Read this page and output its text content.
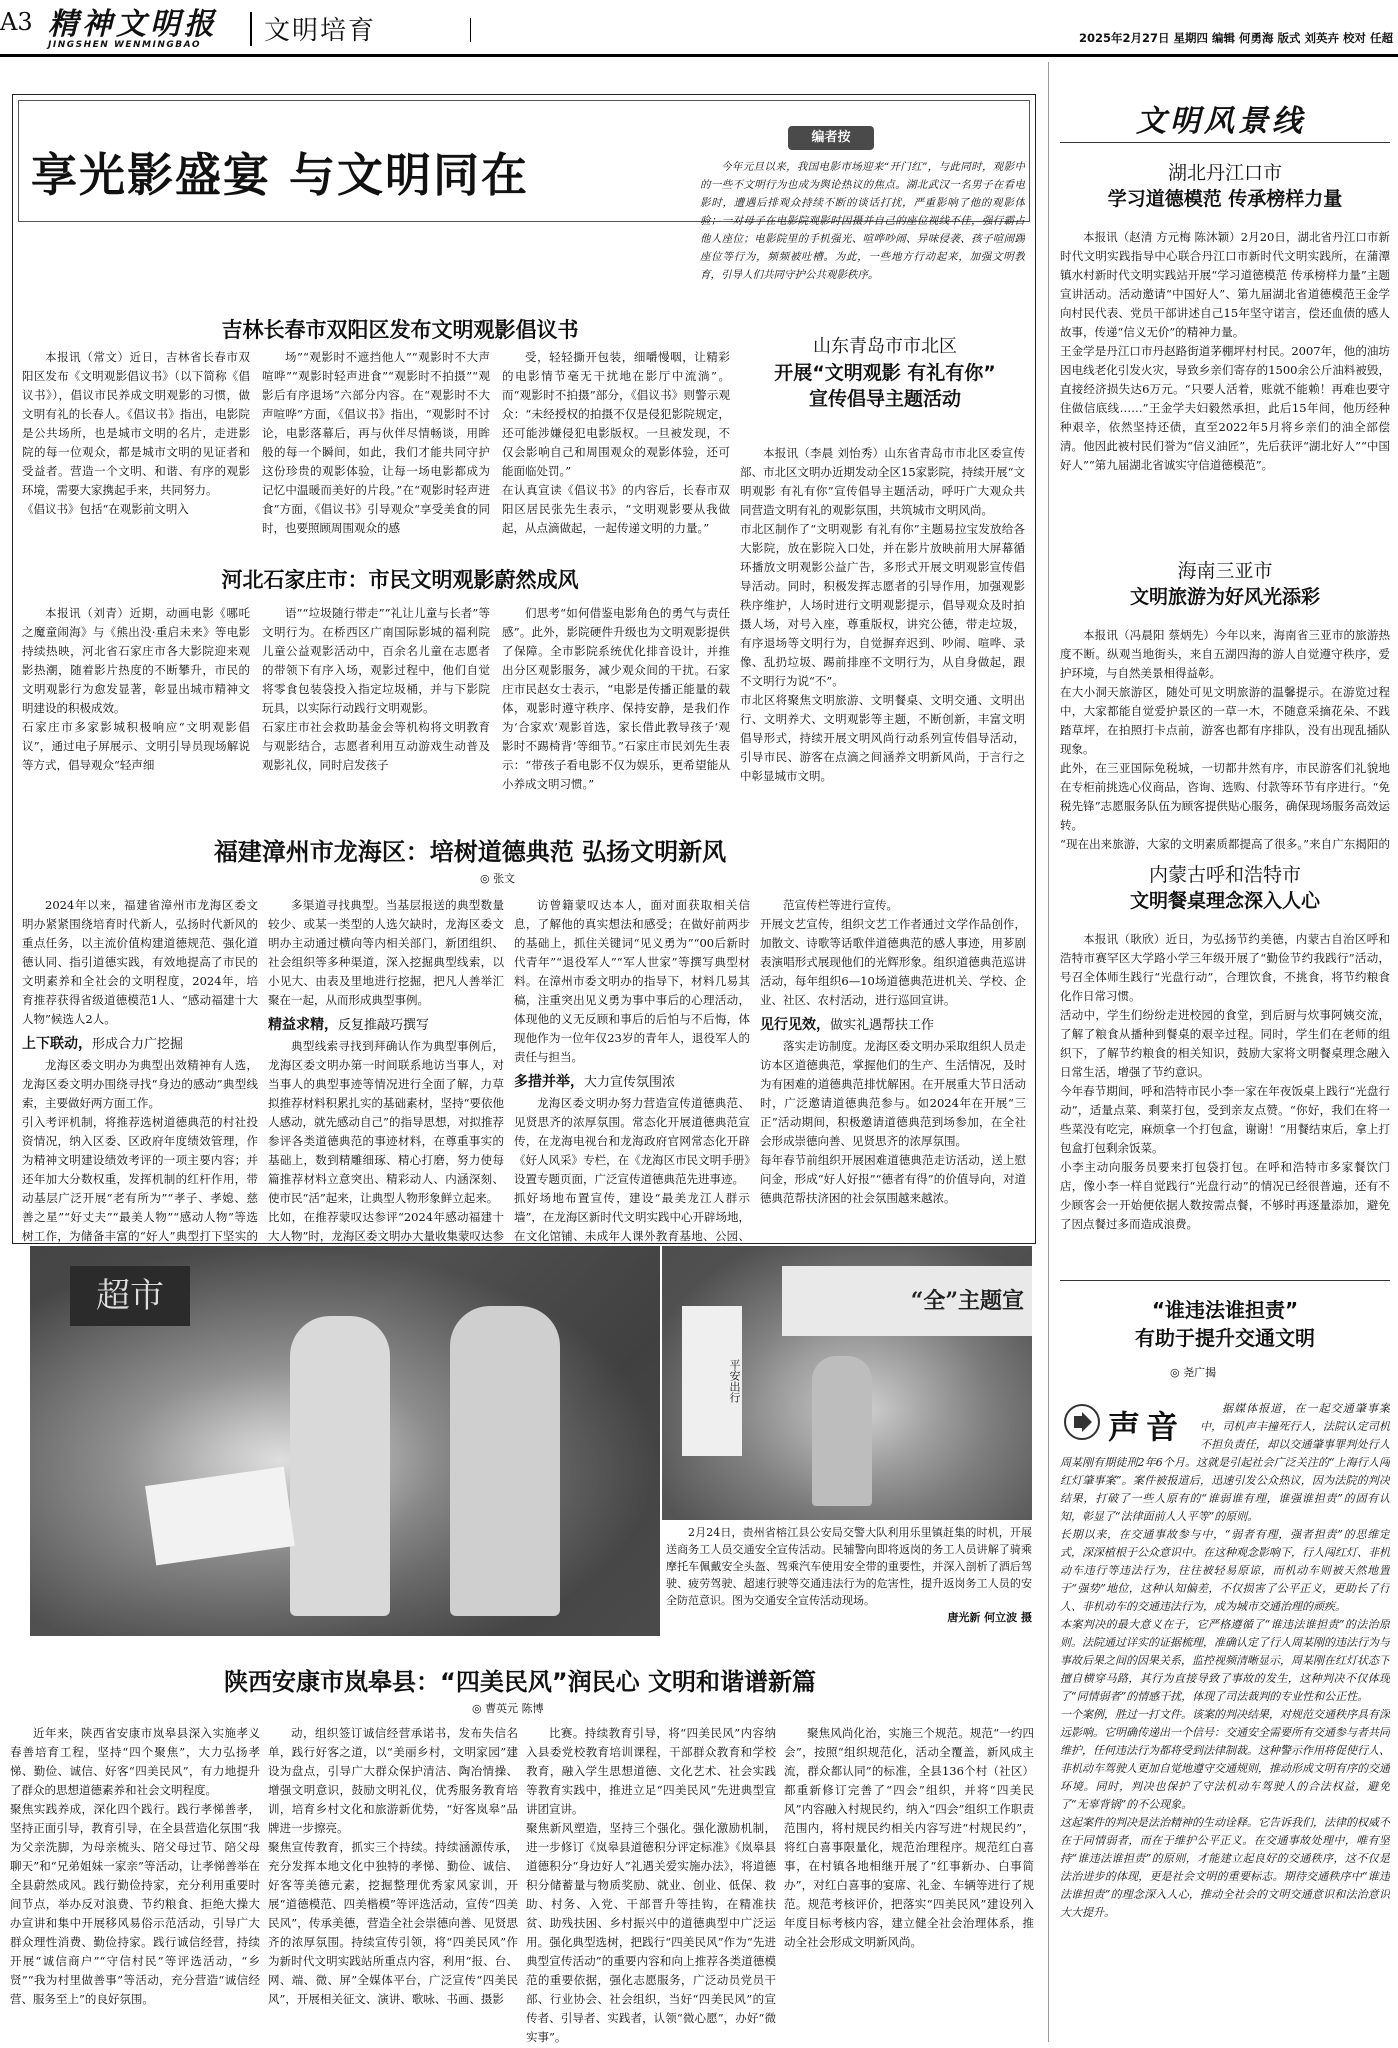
A3 精神文明报
JINGSHEN WENMINGBAO	文明培育	2025年2月27日 星期四 编辑 何勇海 版式 刘英卉 校对 任超
享光影盛宴 与文明同在
编者按

今年元旦以来，我国电影市场迎来“开门红”，与此同时，观影中的一些不文明行为也成为舆论热议的焦点。湖北武汉一名男子在看电影时，遭遇后排观众持续不断的谈话打扰，严重影响了他的观影体验；一对母子在电影院观影时因摄并自己的座位视线不佳，强行霸占他人座位；电影院里的手机强光、喧哗吵闹、异味侵袭、孩子喧闹踢座位等行为，频频被吐槽。为此，一些地方行动起来，加强文明教育，引导人们共同守护公共观影秩序。

吉林长春市双阳区发布文明观影倡议书

本报讯（常文）近日，吉林省长春市双阳区发布《文明观影倡议书》（以下简称《倡议书》），倡议市民养成文明观影的习惯，做文明有礼的长春人。《倡议书》指出，电影院是公共场所，也是城市文明的名片，走进影院的每一位观众，都是城市文明的见证者和受益者。营造一个文明、和谐、有序的观影环境，需要大家携起手来，共同努力。
《倡议书》包括“在观影前文明入

场”“观影时不遮挡他人”“观影时不大声喧哗”“观影时轻声进食”“观影时不拍摄”“观影后有序退场”六部分内容。在“观影时不大声喧哗”方面，《倡议书》指出，“观影时不讨论，电影落幕后，再与伙伴尽情畅谈，用眸般的每一个瞬间，如此，我们才能共同守护这份珍贵的观影体验，让每一场电影都成为记忆中温暖而美好的片段。”在“观影时轻声进食”方面，《倡议书》引导观众“享受美食的同时，也要照顾周围观众的感

受，轻轻撕开包装，细嚼慢咽，让精彩的电影情节毫无干扰地在影厅中流淌”。而“观影时不拍摄”部分，《倡议书》则警示观众：“未经授权的拍摄不仅是侵犯影院规定，还可能涉嫌侵犯电影版权。一旦被发现，不仅会影响自己和周围观众的观影体验，还可能面临处罚。”
在认真宣读《倡议书》的内容后，长春市双阳区居民张先生表示，“文明观影要从我做起，从点滴做起，一起传递文明的力量。”

山东青岛市市北区
开展“文明观影 有礼有你”
宣传倡导主题活动

本报讯（李晨 刘怡秀）山东省青岛市市北区委宣传部、市北区文明办近期发动全区15家影院，持续开展“文明观影 有礼有你”宣传倡导主题活动，呼吁广大观众共同营造文明有礼的观影氛围，共筑城市文明风尚。
市北区制作了“文明观影 有礼有你”主题易拉宝发放给各大影院，放在影院入口处，并在影片放映前用大屏幕循环播放文明观影公益广告，多形式开展文明观影宣传倡导活动。同时，积极发挥志愿者的引导作用，加强观影秩序维护，人场时进行文明观影提示，倡导观众及时拍摄人场，对号入座，尊重版权，讲究公德，带走垃圾，有序退场等文明行为，自觉摒弃迟到、吵闹、喧哗、录像、乱扔垃圾、踢前排座不文明行为，从自身做起，跟不文明行为说“不”。
市北区将聚焦文明旅游、文明餐桌、文明交通、文明出行、文明养犬、文明观影等主题，不断创新，丰富文明倡导形式，持续开展文明风尚行动系列宣传倡导活动，引导市民、游客在点滴之间涵养文明新风尚，于言行之中彰显城市文明。

河北石家庄市：市民文明观影蔚然成风

本报讯（刘青）近期，动画电影《哪吒之魔童闹海》与《熊出没·重启未来》等电影持续热映，河北省石家庄市各大影院迎来观影热潮，随着影片热度的不断攀升，市民的文明观影行为愈发显著，彰显出城市精神文明建设的积极成效。
石家庄市多家影城积极响应“文明观影倡议”，通过电子屏展示、文明引导员现场解说等方式，倡导观众“轻声细

语”“垃圾随行带走”“礼让儿童与长者”等文明行为。在桥西区广南国际影城的福利院儿童公益观影活动中，百余名儿童在志愿者的带领下有序入场，观影过程中，他们自觉将零食包装袋投入指定垃圾桶，并与下影院玩具，以实际行动践行文明观影。
石家庄市社会救助基金会等机构将文明教育与观影结合，志愿者利用互动游戏生动普及观影礼仪，同时启发孩子

们思考“如何借鉴电影角色的勇气与责任感”。此外，影院硬件升级也为文明观影提供了保障。全市影院系统优化排音设计，并推出分区观影服务，减少观众间的干扰。石家庄市民赵女士表示，“电影是传播正能量的载体，观影时遵守秩序、保持安静，是我们作为‘合家欢’观影首选，家长借此教导孩子‘观影时不踢椅背’等细节。”石家庄市民刘先生表示：“带孩子看电影不仅为娱乐，更希望能从小养成文明习惯。”

福建漳州市龙海区：培树道德典范 弘扬文明新风
◎ 张文

2024年以来，福建省漳州市龙海区委文明办紧紧围绕培育时代新人，弘扬时代新风的重点任务，以主流价值构建道德规范、强化道德认同、指引道德实践，有效地提高了市民的文明素养和全社会的文明程度，2024年，培育推荐获得省级道德模范1人、“感动福建十大人物”候选人2人。

上下联动，形成合力广挖掘

龙海区委文明办为典型出效精神有人选，龙海区委文明办围绕寻找“身边的感动”典型线索，主要做好两方面工作。
引入考评机制，将推荐选树道德典范的村社投资情况，纳入区委、区政府年度绩效管理，作为精神文明建设绩效考评的一项主要内容；并还年加大分数权重，发挥机制的红杆作用，带动基层广泛开展“老有所为”“孝子、孝媳、慈善之星”“好丈夫”“最美人物”“感动人物”等选树工作，为储备丰富的“好人”典型打下坚实的

多渠道寻找典型。当基层报送的典型数量较少、或某一类型的人选欠缺时，龙海区委文明办主动通过横向等内相关部门，新团组织、社会组织等多种渠道，深入挖掘典型线索，以小见大、由表及里地进行挖掘，把凡人善举汇聚在一起，从而形成典型事例。

精益求精，反复推敲巧撰写

典型线索寻找到拜确认作为典型事例后，龙海区委文明办第一时间联系地访当事人，对当事人的典型事迹等情况进行全面了解，力草拟推荐材料积累扎实的基础素材，坚持“要依他人感动，就先感动自己”的指导思想，对拟推荐参评各类道德典范的事迹材料，在尊重事实的基础上，数到精雕细琢、精心打磨，努力使每篇推荐材料立意突出、精彩动人、内涵深刻、使市民“活”起来，让典型人物形象鲜立起来。
比如，在推荐蒙叹达参评“2024年感动福建十大人物”时，龙海区委文明办大量收集蒙叹达参

访曾籍蒙叹达本人，面对面获取相关信息，了解他的真实想法和感受；在做好前两步的基础上，抓住关键词“见义勇为”“00后新时代青年”“退役军人”“军人世家”等撰写典型材料。在漳州市委文明办的指导下，材料几易其稿，注重突出见义勇为事中事后的心理活动，体现他的义无反顾和事后的后怕与不后悔，体现他作为一位年仅23岁的青年人，退役军人的责任与担当。

多措并举，大力宣传氛围浓

龙海区委文明办努力营造宣传道德典范、见贤思齐的浓厚氛围。常态化开展道德典范宣传，在龙海电视台和龙海政府官网常态化开辟《好人风采》专栏，在《龙海区市民文明手册》设置专题页面，广泛宣传道德典范先进事迹。
抓好场地布置宣传，建设“最美龙江人群示墙”，在龙海区新时代文明实践中心开辟场地，在文化馆铺、未成年人课外教育基地、公园、

范宣传栏等进行宣传。
开展文艺宣传，组织文艺工作者通过文学作品创作，加散文、诗歌等话歌伴道德典范的感人事迹，用芗剧表演唱形式展现他们的光辉形象。组织道德典范巡讲活动，每年组织6—10场道德典范进机关、学校、企业、社区、农村活动，进行巡回宣讲。

见行见效，做实礼遇帮扶工作

落实走访制度。龙海区委文明办采取组织人员走访本区道德典范，掌握他们的生产、生活情况，及时为有困难的道德典范排忧解困。在开展重大节日活动时，广泛邀请道德典范参与。如2024年在开展“三正”活动期间，积极邀请道德典范到场参加，在全社会形成崇德向善、见贤思齐的浓厚氛围。
每年春节前组织开展困难道德典范走访活动，送上慰问金，形成“好人好报”“德者有得”的价值导向，对道德典范帮扶济困的社会氛围越来越浓。

超市	“全”主题宣
平安出行
2月24日，贵州省榕江县公安局交警大队利用乐里镇赶集的时机，开展送商务工人员交通安全宣传活动。民辅警向即将返岗的务工人员讲解了骑乘摩托车佩戴安全头盔、驾乘汽车使用安全带的重要性，并深入剖析了酒后驾驶、疲劳驾驶、超速行驶等交通违法行为的危害性，提升返岗务工人员的安全防范意识。图为交通安全宣传活动现场。
唐光新 何立波 摄
陕西安康市岚皋县：“四美民风”润民心 文明和谐谱新篇
◎ 曹英元 陈博

近年来，陕西省安康市岚皋县深入实施孝义春善培育工程，坚持“四个聚焦”，大力弘扬孝悌、勤俭、诚信、好客“四美民风”，有力地提升了群众的思想道德素养和社会文明程度。
聚焦实践养成，深化四个践行。践行孝悌善孝，坚持正面引导，教育引导，在全县营造化氛围“我为父亲洗脚，为母亲梳头、陪父母过节、陪父母聊天”和“兄弟姐妹一家亲”等活动，让孝悌善举在全县蔚然成风。践行勤俭持家，充分利用重要时间节点，举办反对浪费、节约粮食、拒绝大操大办宣讲和集中开展移风易俗示范活动，引导广大群众理性消费、勤俭持家。践行诚信经营，持续开展“诚信商户”“守信村民”等评选活动，“乡贤”“我为村里做善事”等活动，充分营造“诚信经营、服务至上”的良好氛围。

动，组织签订诚信经营承诺书，发布失信名单，践行好客之道，以“美丽乡村，文明家园”建设为盘点，引导广大群众保护清洁、陶冶情操、增强文明意识，鼓励文明礼仪，优秀服务教育培训，培育乡村文化和旅游新优势，“好客岚皋”品牌进一步擦亮。
聚焦宣传教育，抓实三个持续。持续涵源传承，充分发挥本地文化中独特的孝悌、勤俭、诚信、好客等美德元素，挖掘整理优秀家风家训，开展“道德模范、四美楷模”等评选活动，宣传“四美民风”，传承美德，营造全社会崇德向善、见贤思齐的浓厚氛围。持续宣传引领，将“四美民风”作为新时代文明实践站所重点内容，利用“报、台、网、端、微、屏”全媒体平台，广泛宣传“四美民风”，开展相关征文、演讲、歌咏、书画、摄影

比赛。持续教育引导，将“四美民风”内容纳入县委党校教育培训课程，干部群众教育和学校教育，融入学生思想道德、文化艺术、社会实践等教育实践中，推进立足“四美民风”先进典型宣讲团宣讲。
聚焦新风塑造，坚持三个强化。强化激励机制，进一步修订《岚皋县道德积分评定标准》《岚皋县道德积分“身边好人”礼遇关爱实施办法》，将道德积分储蓄量与物质奖励、就业、创业、低保、救助、村务、入党、干部晋升等挂钩，在精准扶贫、助残扶困、乡村振兴中的道德典型中广泛运用。强化典型选树，把践行“四美民风”作为“先进典型宣传活动”的重要内容和向上推荐各类道德模范的重要依据，强化志愿服务，广泛动员党员干部、行业协会、社会组织，当好“四美民风”的宣传者、引导者、实践者，认领“微心愿”，办好“微实事”。

聚焦风尚化治，实施三个规范。规范“一约四会”，按照“组织规范化，活动全覆盖，新风成主流，群众都认同”的标准，全县136个村（社区）都重新修订完善了“四会”组织，并将“四美民风”内容融入村规民约，纳入“四会”组织工作职责范围内，将村规民约相关内容写进“村规民约”，将红白喜事限量化，规范治理程序。规范红白喜事，在村镇各地相继开展了“红事新办、白事简办”，对红白喜事的宴席、礼金、车辆等进行了规范。规范考核评价，把落实“四美民风”建设列入年度目标考核内容，建立健全社会治理体系，推动全社会形成文明新风尚。

文明风景线
湖北丹江口市
学习道德模范 传承榜样力量

本报讯（赵清 方元梅 陈沐颖）2月20日，湖北省丹江口市新时代文明实践指导中心联合丹江口市新时代文明实践所，在蒲潭镇水村新时代文明实践站开展“学习道德模范 传承榜样力量”主题宣讲活动。活动邀请“中国好人”、第九届湖北省道德模范王金学向村民代表、党员干部讲述自己15年坚守诺言，偿还血债的感人故事，传递“信义无价”的精神力量。
王金学是丹江口市丹赵路街道茅棚坪村村民。2007年，他的油坊因电线老化引发火灾，导致乡亲们寄存的1500余公斤油料被毁，直接经济损失达6万元。“只要人活着，账就不能赖！再难也要守住做信底线……”王金学夫妇毅然承担，此后15年间，他历经种种艰辛，依然坚持还债，直至2022年5月将乡亲们的油全部偿清。他因此被村民们誉为“信义油匠”，先后获评“湖北好人”“中国好人”“第九届湖北省诚实守信道德模范”。

海南三亚市
文明旅游为好风光添彩

本报讯（冯晨阳 蔡炳先）今年以来，海南省三亚市的旅游热度不断。纵观当地街头，来自五湖四海的游人自觉遵守秩序，爱护环境，与自然美景相得益彰。
在大小洞天旅游区，随处可见文明旅游的温馨提示。在游览过程中，大家都能自觉爱护景区的一草一木，不随意采摘花朵、不践踏草坪，在拍照打卡点前，游客也都有序排队，没有出现乱插队现象。
此外，在三亚国际免税城，一切都井然有序，市民游客们礼貌地在专柜前挑选心仪商品，咨询、选购、付款等环节有序进行。“免税先锋”志愿服务队伍为顾客提供贴心服务，确保现场服务高效运转。
“现在出来旅游，大家的文明素质都提高了很多。”来自广东揭阳的

内蒙古呼和浩特市
文明餐桌理念深入人心

本报讯（耿欣）近日，为弘扬节约美德，内蒙古自治区呼和浩特市赛罕区大学路小学三年级开展了“勤俭节约我践行”活动，号召全体师生践行“光盘行动”，合理饮食，不挑食，将节约粮食化作日常习惯。
活动中，学生们纷纷走进校园的食堂，到后厨与炊事阿姨交流，了解了粮食从播种到餐桌的艰辛过程。同时，学生们在老师的组织下，了解节约粮食的相关知识，鼓励大家将文明餐桌理念融入日常生活，增强了节约意识。
今年春节期间，呼和浩特市民小李一家在年夜饭桌上践行“光盘行动”，适量点菜、剩菜打包，受到亲友点赞。“你好，我们在将一些菜没有吃完，麻烦拿一个打包盒，谢谢！”用餐结束后，拿上打包盒打包剩余饭菜。
小李主动向服务员要来打包袋打包。在呼和浩特市多家餐饮门店，像小李一样自觉践行“光盘行动”的情况已经很普遍，还有不少顾客会一开始便依据人数按需点餐，不够时再逐量添加，避免了因点餐过多而造成浪费。

“谁违法谁担责”
有助于提升交通文明
◎ 尧广揭
声音	据媒体报道，在一起交通肇事案中，司机声丰撞死行人，法院认定司机不担负责任，却以交通肇事罪判处行人周某刚有期徒刑2年6个月。这就是引起社会广泛关注的“上海行人闯红灯肇事案”。案件被报道后，迅速引发公众热议，因为法院的判决结果，打破了一些人原有的“谁弱谁有理，谁强谁担责”的固有认知，彰显了“法律面前人人平等”的原则。
长期以来，在交通事故参与中，“弱者有理，强者担责”的思维定式，深深植根于公众意识中。在这种观念影响下，行人闯红灯、非机动车违行等违法行为，往往被轻易原谅，而机动车则被天然地置于“强势”地位，这种认知偏差，不仅损害了公平正义，更助长了行人、非机动车的交通违法行为，成为城市交通治理的顽疾。
本案判决的最大意义在于，它严格遵循了“谁违法谁担责”的法治原则。法院通过详实的证据梳理，准确认定了行人周某刚的违法行为与事故后果之间的因果关系，监控视频清晰显示，周某刚在红灯状态下擅自横穿马路，其行为直接导致了事故的发生，这种判决不仅体现了“同情弱者”的情感干扰，体现了司法裁判的专业性和公正性。
一个案例，胜过一打文件。该案的判决结果，对规范交通秩序具有深远影响。它明确传递出一个信号：交通安全需要所有交通参与者共同维护，任何违法行为都将受到法律制裁。这种警示作用将促使行人、非机动车驾驶人更加自觉地遵守交通规则，推动形成文明有序的交通环境。同时，判决也保护了守法机动车驾驶人的合法权益，避免了“无辜背锅”的不公现象。
这起案件的判决是法治精神的生动诠释。它告诉我们，法律的权威不在于同情弱者，而在于维护公平正义。在交通事故处理中，唯有坚持“谁违法谁担责”的原则，才能建立起良好的交通秩序，这不仅是法治进步的体现，更是社会文明的重要标志。期待交通秩序中“谁违法谁担责”的理念深入人心，推动全社会的文明交通意识和法治意识大大提升。
